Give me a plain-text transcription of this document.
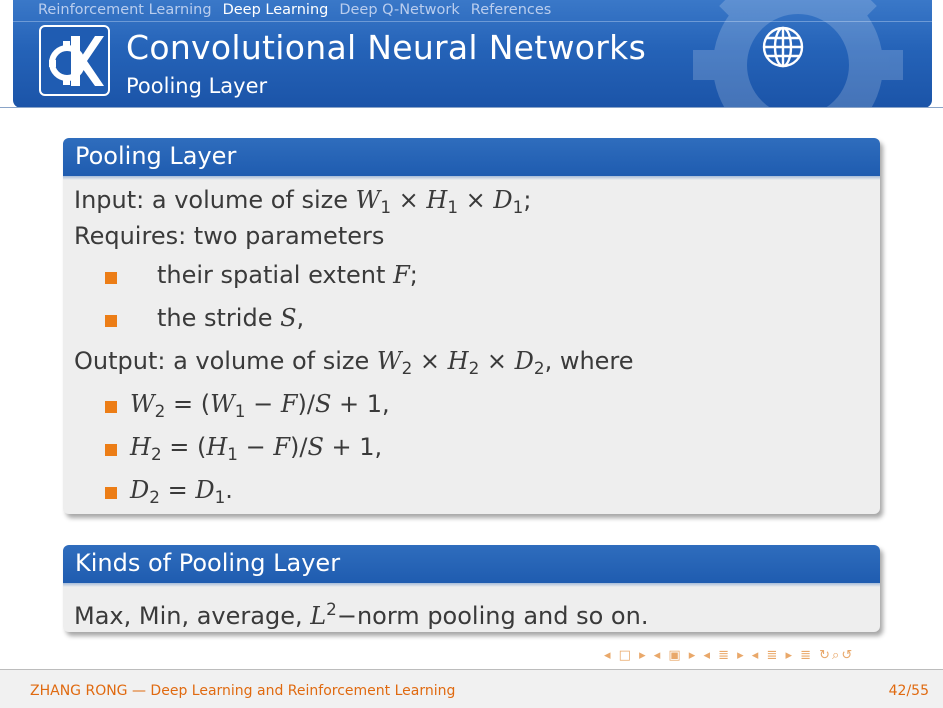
Reinforcement Learning Deep Learning Deep Q-Network References
Convolutional Neural Networks
Pooling Layer
Pooling Layer
Input: a volume of size $W_1 \times H_1 \times D_1$;
Requires: two parameters
their spatial extent F;
the stride S,
Output: a volume of size $W_2 \times H_2 \times D_2$, where
$W_2 = (W_1 - F)/S + 1$,
$H_2 = (H_1 - F)/S + 1$,
$D_2 = D_1$.
Kinds of Pooling Layer
Max, Min, average, $L^2-norm$ pooling and so on.
◂ □ ▸ ◂ ▣ ▸ ◂ ≣ ▸ ◂ ≣ ▸ ≣ ↻⌕↺
ZHANG RONG — Deep Learning and Reinforcement Learning	42/55
